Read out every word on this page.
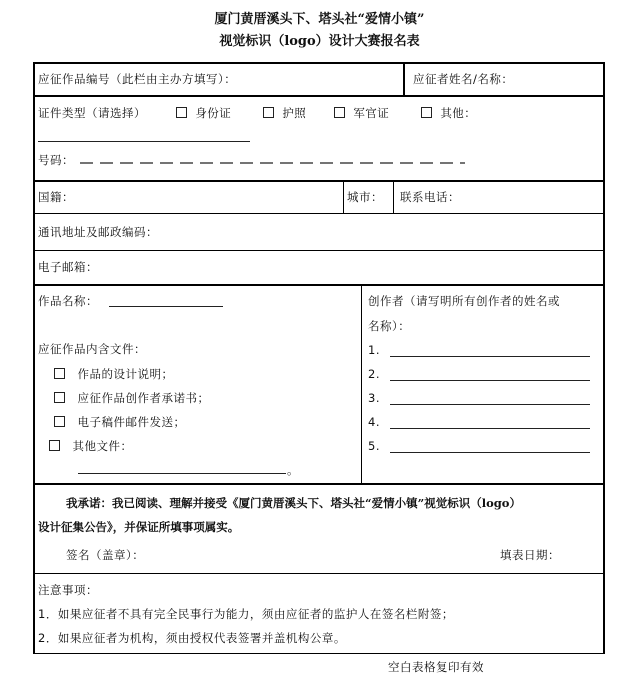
厦门黄厝溪头下、塔头社“爱情小镇”
视觉标识（logo）设计大赛报名表
应征作品编号（此栏由主办方填写）：	应征者姓名/名称：
证件类型（请选择）	身份证	护照	军官证	其他：
号码：
国籍：	城市： 联系电话：
通讯地址及邮政编码：
电子邮箱：
作品名称：
应征作品内含文件：
作品的设计说明；
应征作品创作者承诺书；
电子稿件邮件发送；
其他文件：
。
创作者（请写明所有创作者的姓名或
名称）：
1.
2.
3.
4.
5.
我承诺：我已阅读、理解并接受《厦门黄厝溪头下、塔头社“爱情小镇”视觉标识（logo）
设计征集公告》，并保证所填事项属实。
签名（盖章）：	填表日期：
注意事项：
1．如果应征者不具有完全民事行为能力，须由应征者的监护人在签名栏附签；
2．如果应征者为机构，须由授权代表签署并盖机构公章。
空白表格复印有效
